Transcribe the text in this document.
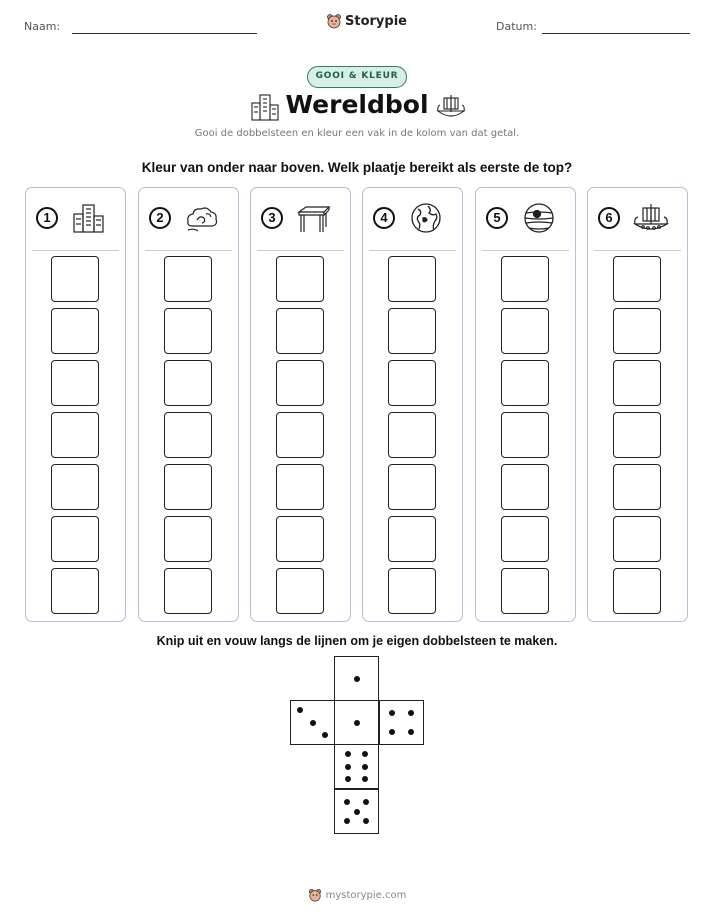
Naam:	Storypie	Datum:
GOOI & KLEUR
Wereldbol
Gooi de dobbelsteen en kleur een vak in de kolom van dat getal.
Kleur van onder naar boven. Welk plaatje bereikt als eerste de top?
1	2	3	4	5	6
Knip uit en vouw langs de lijnen om je eigen dobbelsteen te maken.
mystorypie.com
